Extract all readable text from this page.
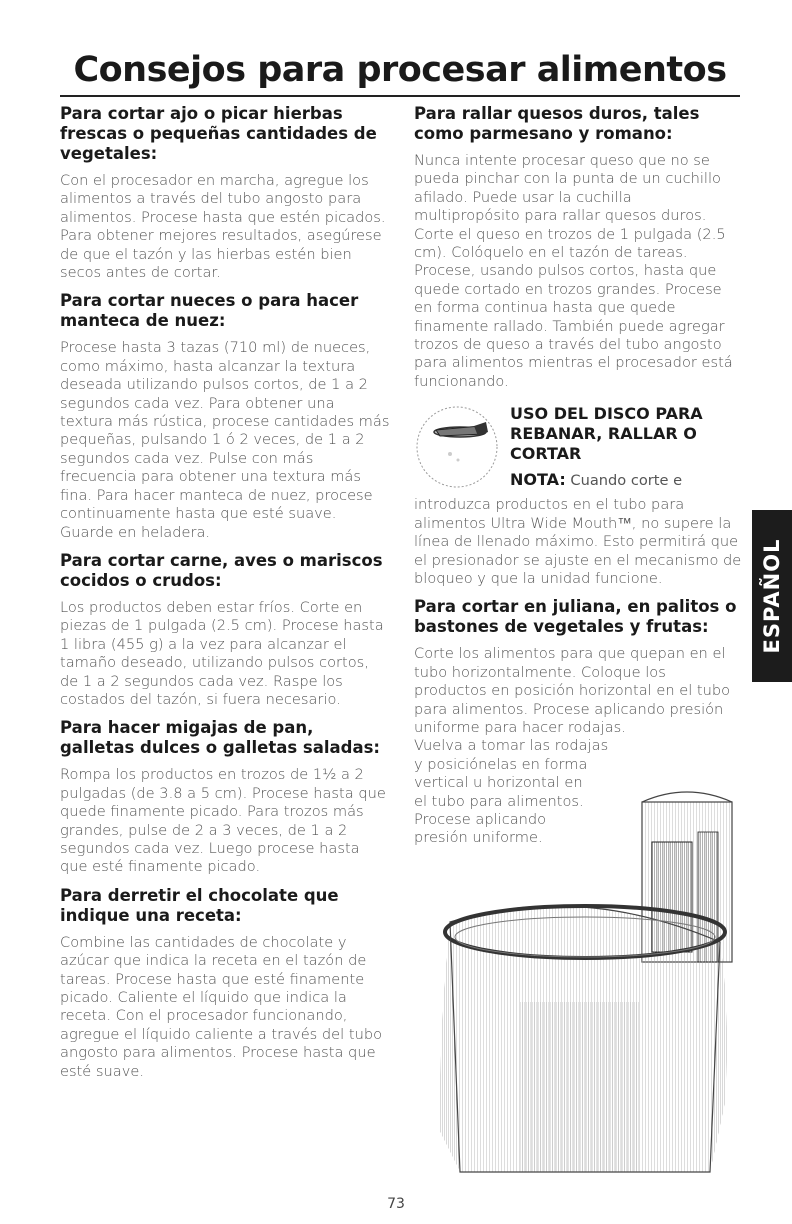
Consejos para procesar alimentos
Para cortar ajo o picar hierbas frescas o pequeñas cantidades de vegetales:

Con el procesador en marcha, agregue los alimentos a través del tubo angosto para alimentos. Procese hasta que estén picados. Para obtener mejores resultados, asegúrese de que el tazón y las hierbas estén bien secos antes de cortar.

Para cortar nueces o para hacer manteca de nuez:

Procese hasta 3 tazas (710 ml) de nueces, como máximo, hasta alcanzar la textura deseada utilizando pulsos cortos, de 1 a 2 segundos cada vez. Para obtener una textura más rústica, procese cantidades más pequeñas, pulsando 1 ó 2 veces, de 1 a 2 segundos cada vez. Pulse con más frecuencia para obtener una textura más fina. Para hacer manteca de nuez, procese continuamente hasta que esté suave. Guarde en heladera.

Para cortar carne, aves o mariscos cocidos o crudos:

Los productos deben estar fríos. Corte en piezas de 1 pulgada (2.5 cm). Procese hasta 1 libra (455 g) a la vez para alcanzar el tamaño deseado, utilizando pulsos cortos, de 1 a 2 segundos cada vez. Raspe los costados del tazón, si fuera necesario.

Para hacer migajas de pan, galletas dulces o galletas saladas:

Rompa los productos en trozos de 1½ a 2 pulgadas (de 3.8 a 5 cm). Procese hasta que quede finamente picado. Para trozos más grandes, pulse de 2 a 3 veces, de 1 a 2 segundos cada vez. Luego procese hasta que esté finamente picado.

Para derretir el chocolate que indique una receta:

Combine las cantidades de chocolate y azúcar que indica la receta en el tazón de tareas. Procese hasta que esté finamente picado. Caliente el líquido que indica la receta. Con el procesador funcionando, agregue el líquido caliente a través del tubo angosto para alimentos. Procese hasta que esté suave.

Para rallar quesos duros, tales como parmesano y romano:

Nunca intente procesar queso que no se pueda pinchar con la punta de un cuchillo afilado. Puede usar la cuchilla multipropósito para rallar quesos duros. Corte el queso en trozos de 1 pulgada (2.5 cm). Colóquelo en el tazón de tareas. Procese, usando pulsos cortos, hasta que quede cortado en trozos grandes. Procese en forma continua hasta que quede finamente rallado. También puede agregar trozos de queso a través del tubo angosto para alimentos mientras el procesador está funcionando.

USO DEL DISCO PARA REBANAR, RALLAR O CORTAR
NOTA: Cuando corte e

introduzca productos en el tubo para alimentos Ultra Wide Mouth™, no supere la línea de llenado máximo. Esto permitirá que el presionador se ajuste en el mecanismo de bloqueo y que la unidad funcione.

Para cortar en juliana, en palitos o bastones de vegetales y frutas:

Corte los alimentos para que quepan en el tubo horizontalmente. Coloque los productos en posición horizontal en el tubo para alimentos. Procese aplicando presión uniforme para hacer rodajas.

Vuelva a tomar las rodajas

y posiciónelas en forma

vertical u horizontal en

el tubo para alimentos.

Procese aplicando

presión uniforme.

ESPAÑOL
73
